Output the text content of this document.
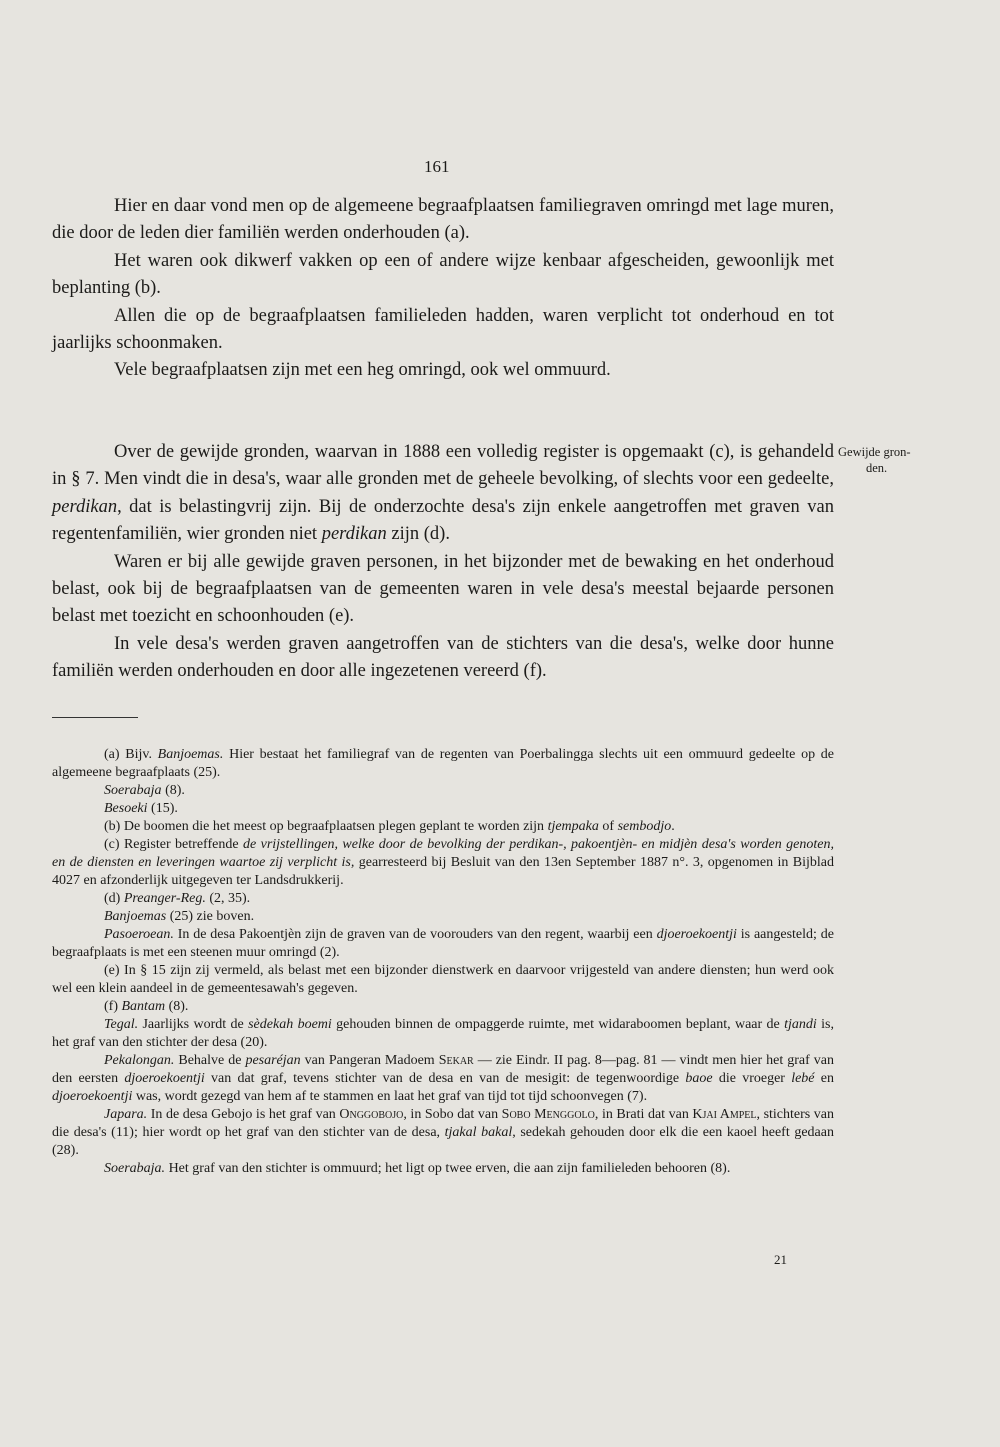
161

Hier en daar vond men op de algemeene begraafplaatsen familiegraven omringd met lage muren, die door de leden dier familiën werden onderhouden (a).

Het waren ook dikwerf vakken op een of andere wijze kenbaar afgescheiden, gewoonlijk met beplanting (b).

Allen die op de begraafplaatsen familieleden hadden, waren verplicht tot onderhoud en tot jaarlijks schoonmaken.

Vele begraafplaatsen zijn met een heg omringd, ook wel ommuurd.

Over de gewijde gronden, waarvan in 1888 een volledig register is opgemaakt (c), is gehandeld in § 7. Men vindt die in desa's, waar alle gronden met de geheele bevolking, of slechts voor een gedeelte, perdikan, dat is belastingvrij zijn. Bij de onderzochte desa's zijn enkele aangetroffen met graven van regentenfamiliën, wier gronden niet perdikan zijn (d).

Waren er bij alle gewijde graven personen, in het bijzonder met de bewaking en het onderhoud belast, ook bij de begraafplaatsen van de gemeenten waren in vele desa's meestal bejaarde personen belast met toezicht en schoonhouden (e).

In vele desa's werden graven aangetroffen van de stichters van die desa's, welke door hunne familiën werden onderhouden en door alle ingezetenen vereerd (f).

Gewijde gron-
den.

(a) Bijv. Banjoemas. Hier bestaat het familiegraf van de regenten van Poerbalingga slechts uit een ommuurd gedeelte op de algemeene begraafplaats (25).

Soerabaja (8).

Besoeki (15).

(b) De boomen die het meest op begraafplaatsen plegen geplant te worden zijn tjempaka of sembodjo.

(c) Register betreffende de vrijstellingen, welke door de bevolking der perdikan-, pakoentjèn- en midjèn desa's worden genoten, en de diensten en leveringen waartoe zij verplicht is, gearresteerd bij Besluit van den 13en September 1887 n°. 3, opgenomen in Bijblad 4027 en afzonderlijk uitgegeven ter Landsdrukkerij.

(d) Preanger-Reg. (2, 35).

Banjoemas (25) zie boven.

Pasoeroean. In de desa Pakoentjèn zijn de graven van de voorouders van den regent, waarbij een djoeroekoentji is aangesteld; de begraafplaats is met een steenen muur omringd (2).

(e) In § 15 zijn zij vermeld, als belast met een bijzonder dienstwerk en daarvoor vrijgesteld van andere diensten; hun werd ook wel een klein aandeel in de gemeentesawah's gegeven.

(f) Bantam (8).

Tegal. Jaarlijks wordt de sèdekah boemi gehouden binnen de ompaggerde ruimte, met widaraboomen beplant, waar de tjandi is, het graf van den stichter der desa (20).

Pekalongan. Behalve de pesaréjan van Pangeran Madoem Sekar — zie Eindr. II pag. 8—pag. 81 — vindt men hier het graf van den eersten djoeroekoentji van dat graf, tevens stichter van de desa en van de mesigit: de tegenwoordige baoe die vroeger lebé en djoeroekoentji was, wordt gezegd van hem af te stammen en laat het graf van tijd tot tijd schoonvegen (7).

Japara. In de desa Gebojo is het graf van Onggobojo, in Sobo dat van Sobo Menggolo, in Brati dat van Kjai Ampel, stichters van die desa's (11); hier wordt op het graf van den stichter van de desa, tjakal bakal, sedekah gehouden door elk die een kaoel heeft gedaan (28).

Soerabaja. Het graf van den stichter is ommuurd; het ligt op twee erven, die aan zijn familieleden behooren (8).

21
